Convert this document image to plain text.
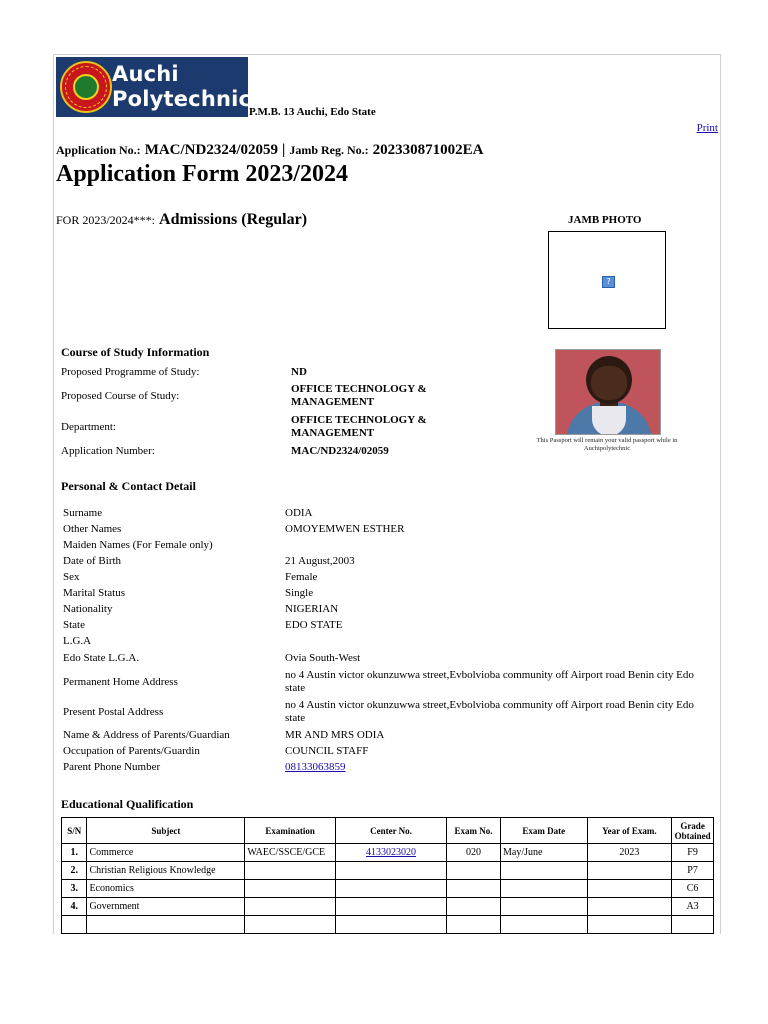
Auchi
Polytechnic
P.M.B. 13 Auchi, Edo State
Print
Application No.: MAC/ND2324/02059 | Jamb Reg. No.: 202330871002EA
Application Form 2023/2024
FOR 2023/2024***: Admissions (Regular)	JAMB PHOTO
?
Course of Study Information
Proposed Programme of Study:	ND
Proposed Course of Study:
OFFICE TECHNOLOGY & MANAGEMENT
Department:
OFFICE TECHNOLOGY & MANAGEMENT
Application Number:	MAC/ND2324/02059
This Passport will remain your valid passport while in Auchipolytechnic
Personal & Contact Detail
Surname	ODIA
Other Names	OMOYEMWEN ESTHER
Maiden Names (For Female only)
Date of Birth	21 August,2003
Sex	Female
Marital Status	Single
Nationality	NIGERIAN
State	EDO STATE
L.G.A
Edo State L.G.A.	Ovia South-West
Permanent Home Address
no 4 Austin victor okunzuwwa street,Evbolvioba community off Airport road Benin city Edo state
Present Postal Address
no 4 Austin victor okunzuwwa street,Evbolvioba community off Airport road Benin city Edo state
Name & Address of Parents/Guardian	MR AND MRS ODIA
Occupation of Parents/Guardin	COUNCIL STAFF
Parent Phone Number	08133063859
Educational Qualification
S/N	Subject	Examination	Center No.	Exam No.	Exam Date	Year of Exam.	Grade Obtained
1.	Commerce	WAEC/SSCE/GCE	4133023020	020	May/June	2023	F9
2.	Christian Religious Knowledge						P7
3.	Economics						C6
4.	Government						A3
